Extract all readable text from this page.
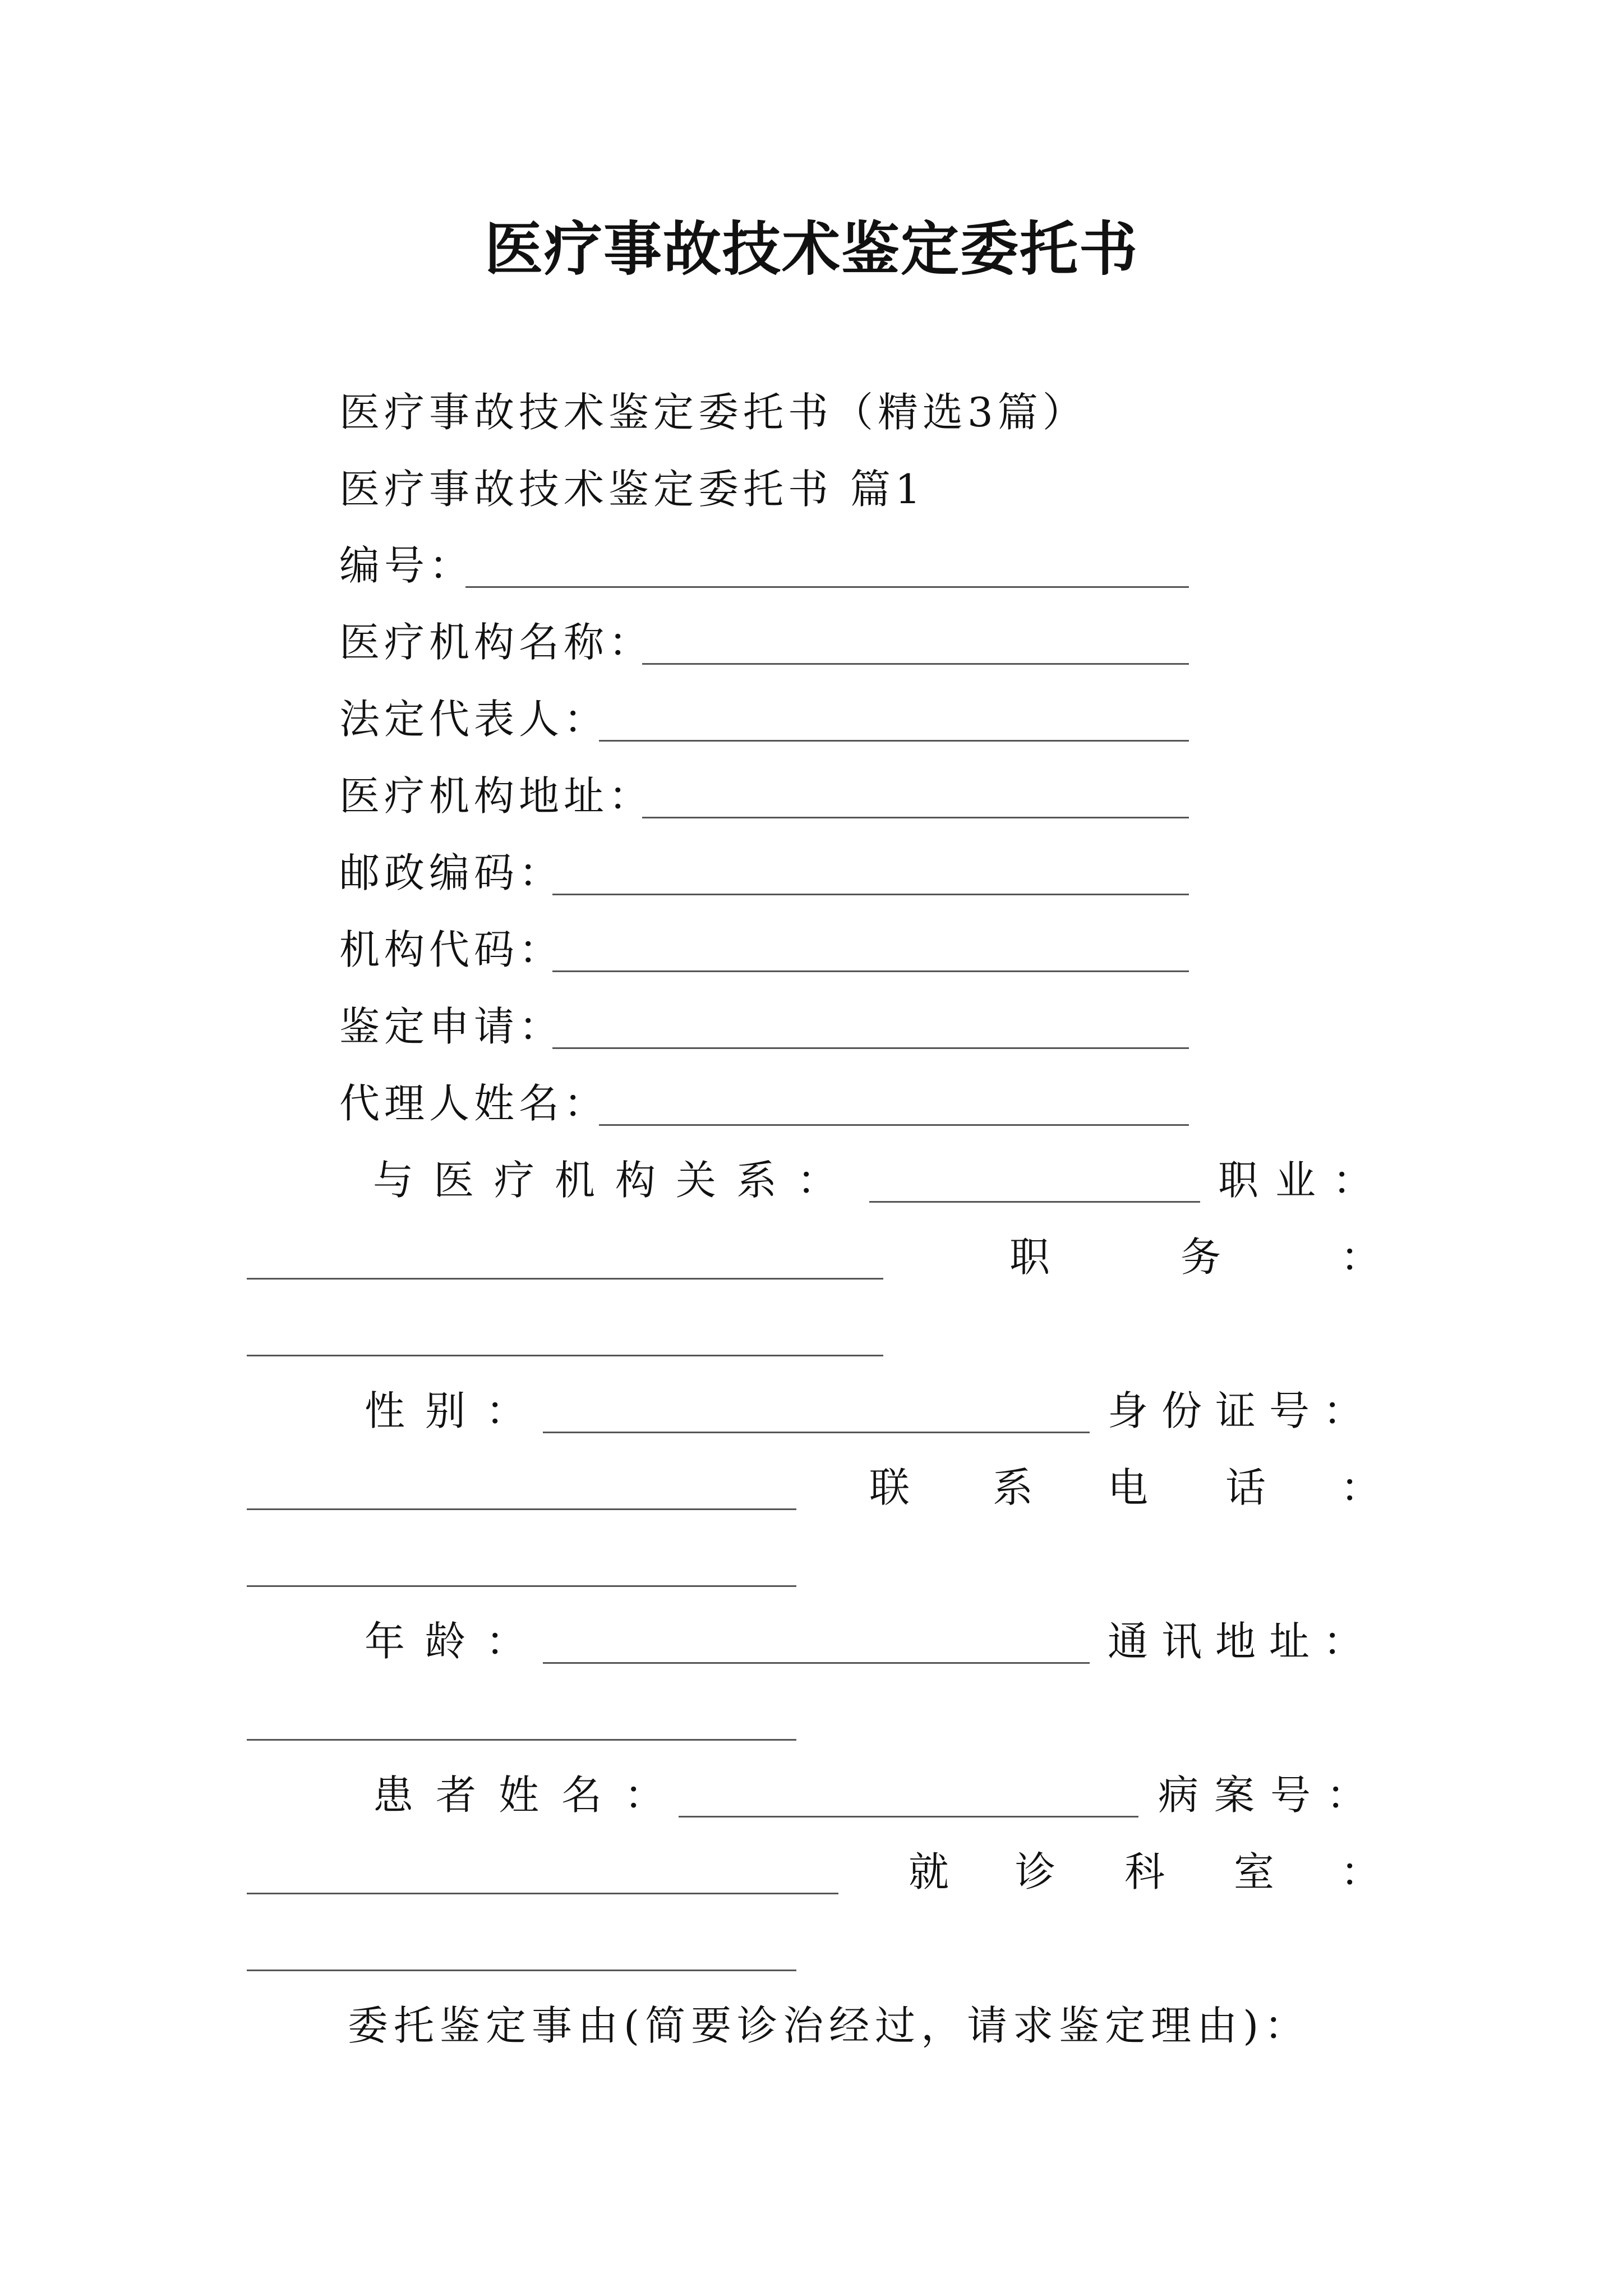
医疗事故技术鉴定委托书
医疗事故技术鉴定委托书（精选3篇）
医疗事故技术鉴定委托书 篇1
编号：
医疗机构名称：
法定代表人：
医疗机构地址：
邮政编码：
机构代码：
鉴定申请：
代理人姓名：
与医疗机构关系：	职业：
职	务	：
性别：	身份证号：
联 系 电 话 ：
年龄：	通讯地址：
患者姓名：	病案号：
就 诊 科 室 ：
委托鉴定事由(简要诊治经过，请求鉴定理由)：
